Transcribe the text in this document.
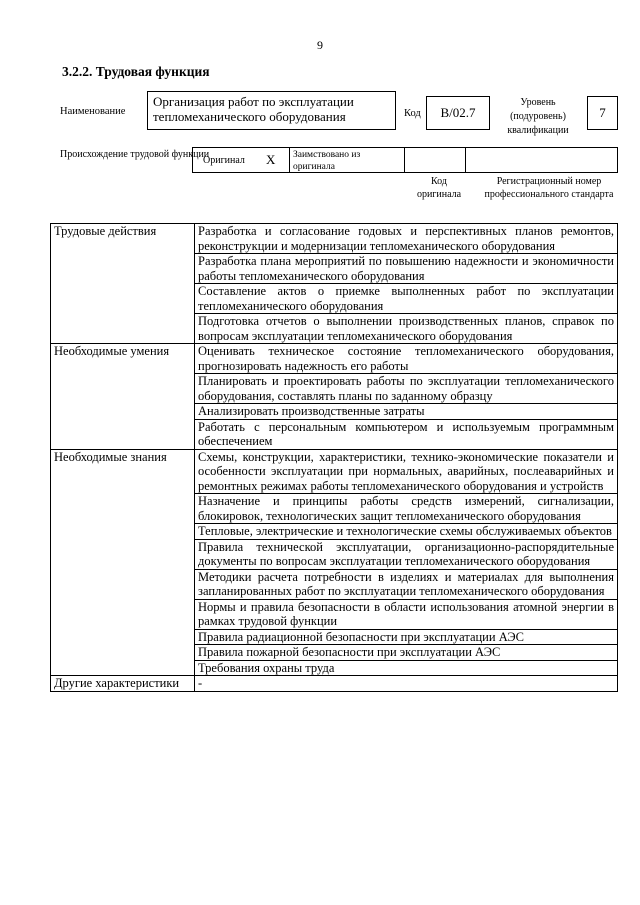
9
3.2.2. Трудовая функция
Наименование
Организация работ по эксплуатации тепломеханического оборудования	Код	B/02.7
Уровень (подуровень) квалификации
7
Происхождение трудовой функции
Оригинал X	Заимствовано из оригинала
Код оригинала
Регистрационный номер профессионального стандарта
Трудовые действия	Разработка и согласование годовых и перспективных планов ремонтов, реконструкции и модернизации тепломеханического оборудования
	Разработка плана мероприятий по повышению надежности и экономичности работы тепломеханического оборудования
	Составление актов о приемке выполненных работ по эксплуатации тепломеханического оборудования
	Подготовка отчетов о выполнении производственных планов, справок по вопросам эксплуатации тепломеханического оборудования
Необходимые умения	Оценивать техническое состояние тепломеханического оборудования, прогнозировать надежность его работы
	Планировать и проектировать работы по эксплуатации тепломеханического оборудования, составлять планы по заданному образцу
	Анализировать производственные затраты
	Работать с персональным компьютером и используемым программным обеспечением
Необходимые знания	Схемы, конструкции, характеристики, технико-экономические показатели и особенности эксплуатации при нормальных, аварийных, послеаварийных и ремонтных режимах работы тепломеханического оборудования и устройств
	Назначение и принципы работы средств измерений, сигнализации, блокировок, технологических защит тепломеханического оборудования
	Тепловые, электрические и технологические схемы обслуживаемых объектов
	Правила технической эксплуатации, организационно-распорядительные документы по вопросам эксплуатации тепломеханического оборудования
	Методики расчета потребности в изделиях и материалах для выполнения запланированных работ по эксплуатации тепломеханического оборудования
	Нормы и правила безопасности в области использования атомной энергии в рамках трудовой функции
	Правила радиационной безопасности при эксплуатации АЭС
	Правила пожарной безопасности при эксплуатации АЭС
	Требования охраны труда
Другие характеристики	-
